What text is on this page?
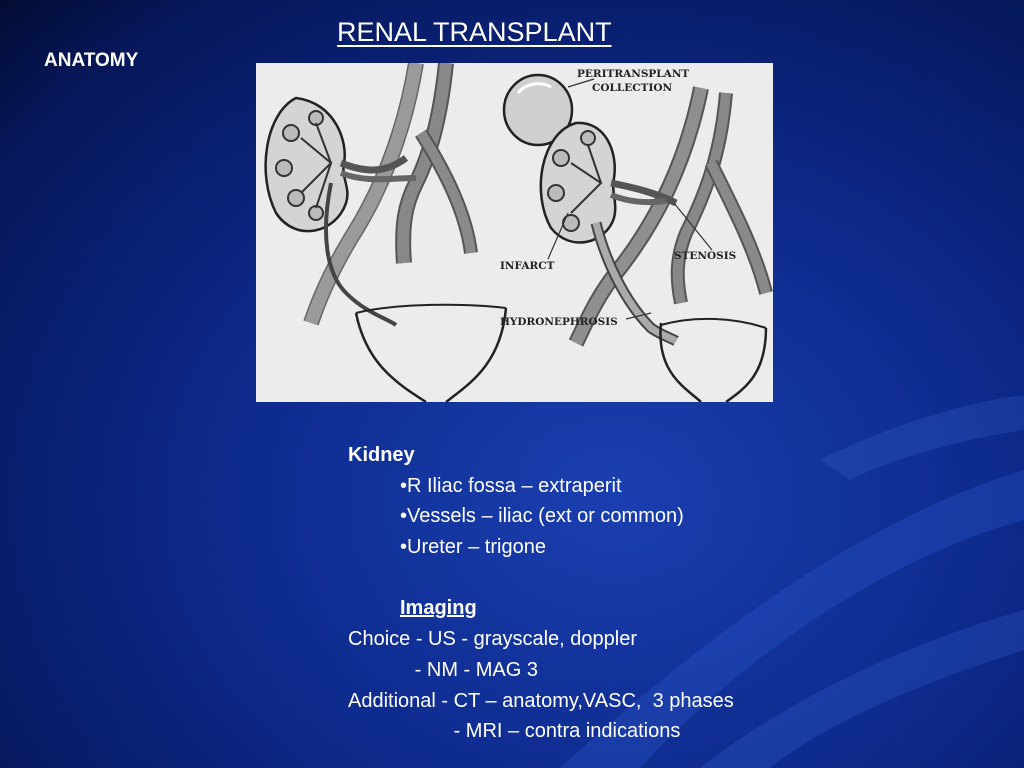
RENAL TRANSPLANT
ANATOMY
PERITRANSPLANT
COLLECTION
STENOSIS
INFARCT
HYDRONEPHROSIS
Kidney
•R Iliac fossa – extraperit
•Vessels – iliac (ext or common)
•Ureter – trigone
Imaging
Choice - US - grayscale, doppler
- NM - MAG 3
Additional - CT – anatomy,VASC,  3 phases
- MRI – contra indications
